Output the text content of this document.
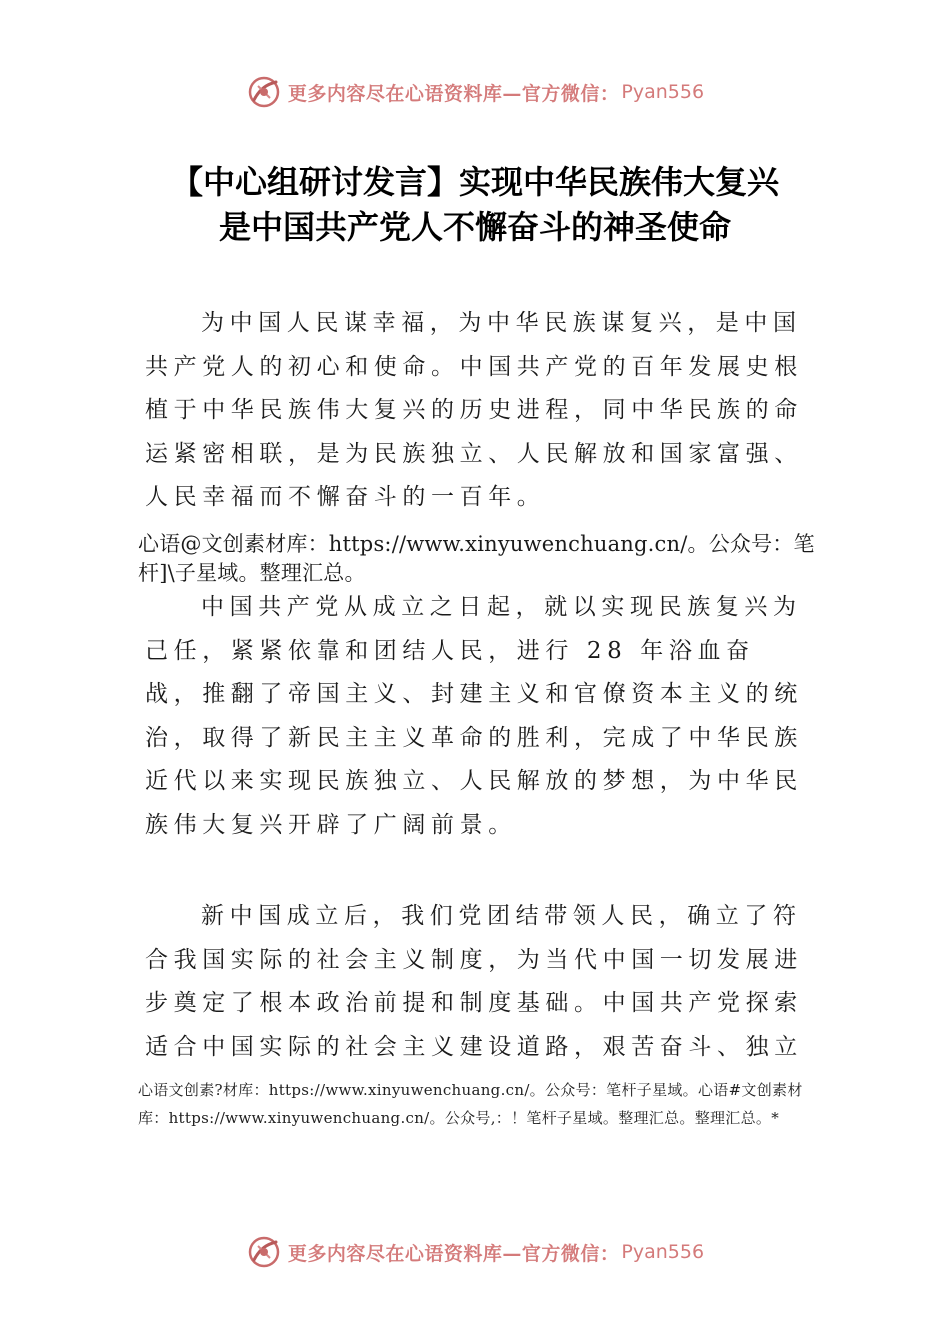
更多内容尽在心语资料库—官方微信： Pyan556
【中心组研讨发言】实现中华民族伟大复兴
是中国共产党人不懈奋斗的神圣使命

为中国人民谋幸福，为中华民族谋复兴，是中国共产党人的初心和使命。中国共产党的百年发展史根植于中华民族伟大复兴的历史进程，同中华民族的命运紧密相联，是为民族独立、人民解放和国家富强、人民幸福而不懈奋斗的一百年。

心语@文创素材库：https://www.xinyuwenchuang.cn/。公众号：笔杆]\子星域。整理汇总。

中国共产党从成立之日起，就以实现民族复兴为己任，紧紧依靠和团结人民，进行 28 年浴血奋战，推翻了帝国主义、封建主义和官僚资本主义的统治，取得了新民主主义革命的胜利，完成了中华民族近代以来实现民族独立、人民解放的梦想，为中华民族伟大复兴开辟了广阔前景。

新中国成立后，我们党团结带领人民，确立了符合我国实际的社会主义制度，为当代中国一切发展进步奠定了根本政治前提和制度基础。中国共产党探索适合中国实际的社会主义建设道路，艰苦奋斗、独立

心语文创素?材库：https://www.xinyuwenchuang.cn/。公众号：笔杆子星域。心语#文创素材库：https://www.xinyuwenchuang.cn/。公众号,：！笔杆子星域。整理汇总。整理汇总。*

更多内容尽在心语资料库—官方微信： Pyan556
